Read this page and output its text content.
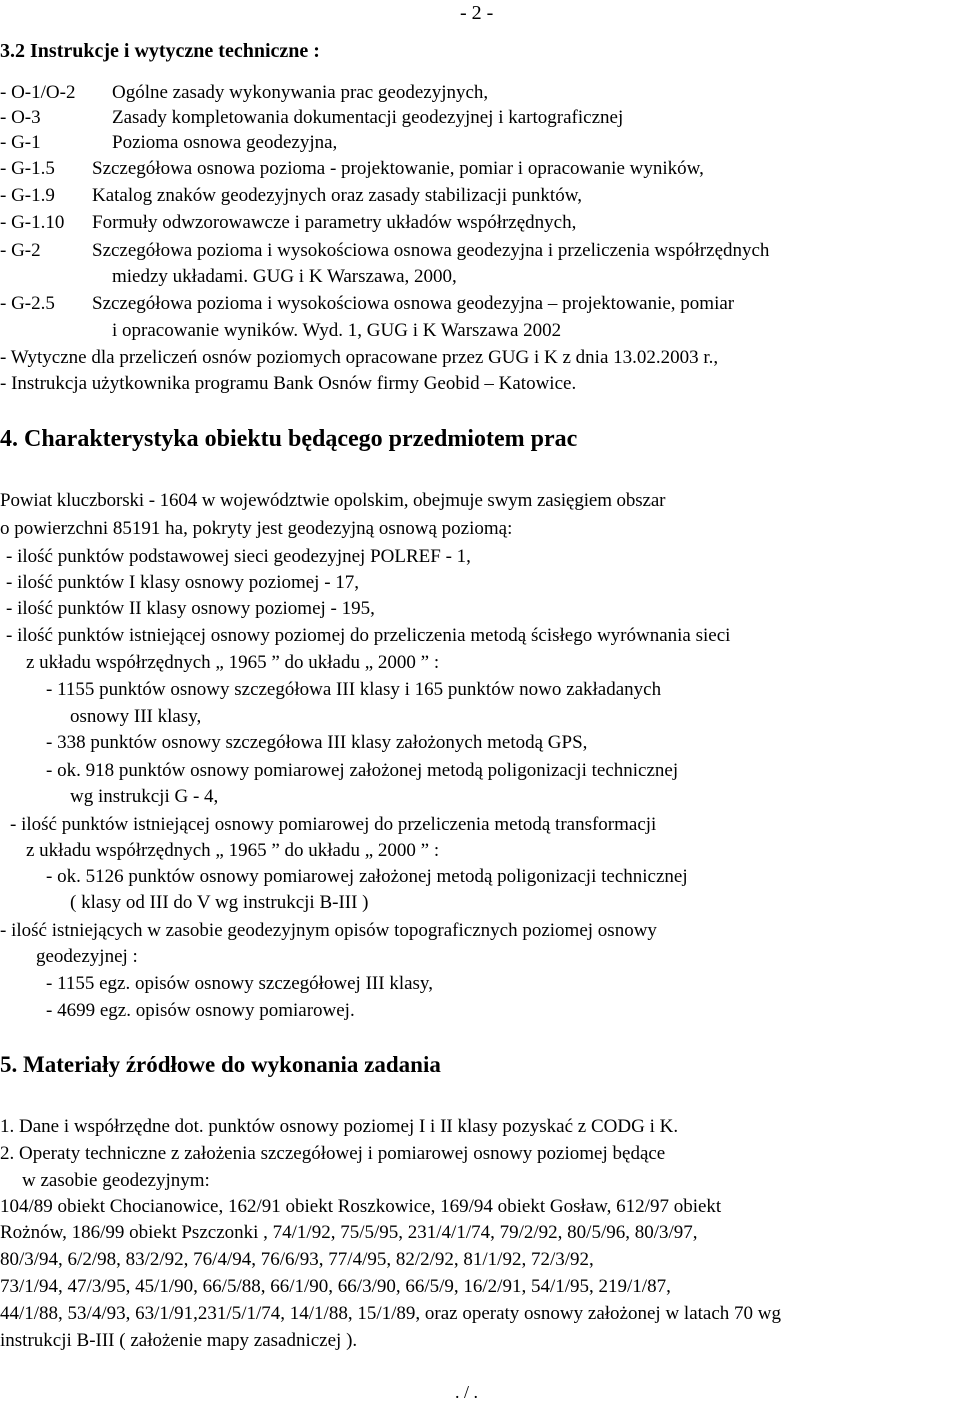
- 2 -
3.2 Instrukcje i wytyczne techniczne :
- O-1/O-2 Ogólne zasady wykonywania prac geodezyjnych,
- O-3	Zasady kompletowania dokumentacji geodezyjnej i kartograficznej
- G-1	Pozioma osnowa geodezyjna,
- G-1.5 Szczegółowa osnowa pozioma - projektowanie, pomiar i opracowanie wyników,
- G-1.9 Katalog znaków geodezyjnych oraz zasady stabilizacji punktów,
- G-1.10 Formuły odwzorowawcze i parametry układów współrzędnych,
- G-2	Szczegółowa pozioma i wysokościowa osnowa geodezyjna i przeliczenia współrzędnych
miedzy układami. GUG i K Warszawa, 2000,
- G-2.5 Szczegółowa pozioma i wysokościowa osnowa geodezyjna – projektowanie, pomiar
i opracowanie wyników. Wyd. 1, GUG i K Warszawa 2002
- Wytyczne dla przeliczeń osnów poziomych opracowane przez GUG i K z dnia 13.02.2003 r.,
- Instrukcja użytkownika programu Bank Osnów firmy Geobid – Katowice.
4. Charakterystyka obiektu będącego przedmiotem prac
Powiat kluczborski - 1604 w województwie opolskim, obejmuje swym zasięgiem obszar
o powierzchni 85191 ha, pokryty jest geodezyjną osnową poziomą:
- ilość punktów podstawowej sieci geodezyjnej POLREF - 1,
- ilość punktów I klasy osnowy poziomej - 17,
- ilość punktów II klasy osnowy poziomej - 195,
- ilość punktów istniejącej osnowy poziomej do przeliczenia metodą ścisłego wyrównania sieci
z układu współrzędnych „ 1965 ” do układu „ 2000 ” :
- 1155 punktów osnowy szczegółowa III klasy i 165 punktów nowo zakładanych
osnowy III klasy,
- 338 punktów osnowy szczegółowa III klasy założonych metodą GPS,
- ok. 918 punktów osnowy pomiarowej założonej metodą poligonizacji technicznej
wg instrukcji G - 4,
- ilość punktów istniejącej osnowy pomiarowej do przeliczenia metodą transformacji
z układu współrzędnych „ 1965 ” do układu „ 2000 ” :
- ok. 5126 punktów osnowy pomiarowej założonej metodą poligonizacji technicznej
( klasy od III do V wg instrukcji B-III )
- ilość istniejących w zasobie geodezyjnym opisów topograficznych poziomej osnowy
geodezyjnej :
- 1155 egz. opisów osnowy szczegółowej III klasy,
- 4699 egz. opisów osnowy pomiarowej.
5. Materiały źródłowe do wykonania zadania
1. Dane i współrzędne dot. punktów osnowy poziomej I i II klasy pozyskać z CODG i K.
2. Operaty techniczne z założenia szczegółowej i pomiarowej osnowy poziomej będące
w zasobie geodezyjnym:
104/89 obiekt Chocianowice, 162/91 obiekt Roszkowice, 169/94 obiekt Gosław, 612/97 obiekt
Rożnów, 186/99 obiekt Pszczonki , 74/1/92, 75/5/95, 231/4/1/74, 79/2/92, 80/5/96, 80/3/97,
80/3/94, 6/2/98, 83/2/92, 76/4/94, 76/6/93, 77/4/95, 82/2/92, 81/1/92, 72/3/92,
73/1/94, 47/3/95, 45/1/90, 66/5/88, 66/1/90, 66/3/90, 66/5/9, 16/2/91, 54/1/95, 219/1/87,
44/1/88, 53/4/93, 63/1/91,231/5/1/74, 14/1/88, 15/1/89, oraz operaty osnowy założonej w latach 70 wg
instrukcji B-III ( założenie mapy zasadniczej ).
. / .
